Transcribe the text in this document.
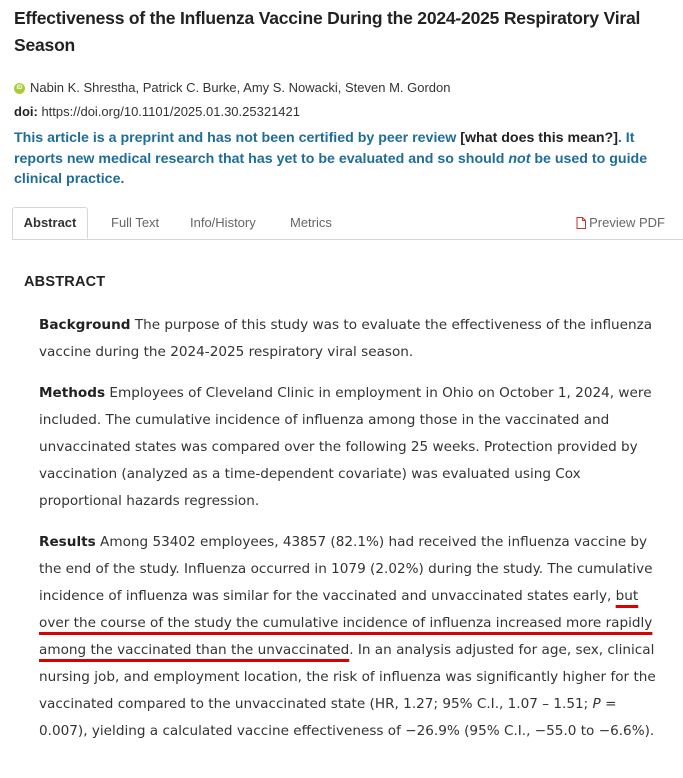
Effectiveness of the Influenza Vaccine During the 2024-2025 Respiratory Viral Season
iD Nabin K. Shrestha, Patrick C. Burke, Amy S. Nowacki, Steven M. Gordon
doi: https://doi.org/10.1101/2025.01.30.25321421
This article is a preprint and has not been certified by peer review [what does this mean?]. It reports new medical research that has yet to be evaluated and so should not be used to guide clinical practice.
Abstract	Full Text Info/History	Metrics	Preview PDF
ABSTRACT

Background The purpose of this study was to evaluate the effectiveness of the influenza vaccine during the 2024-2025 respiratory viral season.

Methods Employees of Cleveland Clinic in employment in Ohio on October 1, 2024, were included. The cumulative incidence of influenza among those in the vaccinated and unvaccinated states was compared over the following 25 weeks. Protection provided by vaccination (analyzed as a time-dependent covariate) was evaluated using Cox proportional hazards regression.

Results Among 53402 employees, 43857 (82.1%) had received the influenza vaccine by the end of the study. Influenza occurred in 1079 (2.02%) during the study. The cumulative incidence of influenza was similar for the vaccinated and unvaccinated states early, but over the course of the study the cumulative incidence of influenza increased more rapidly among the vaccinated than the unvaccinated. In an analysis adjusted for age, sex, clinical nursing job, and employment location, the risk of influenza was significantly higher for the vaccinated compared to the unvaccinated state (HR, 1.27; 95% C.I., 1.07 – 1.51; P = 0.007), yielding a calculated vaccine effectiveness of −26.9% (95% C.I., −55.0 to −6.6%).
